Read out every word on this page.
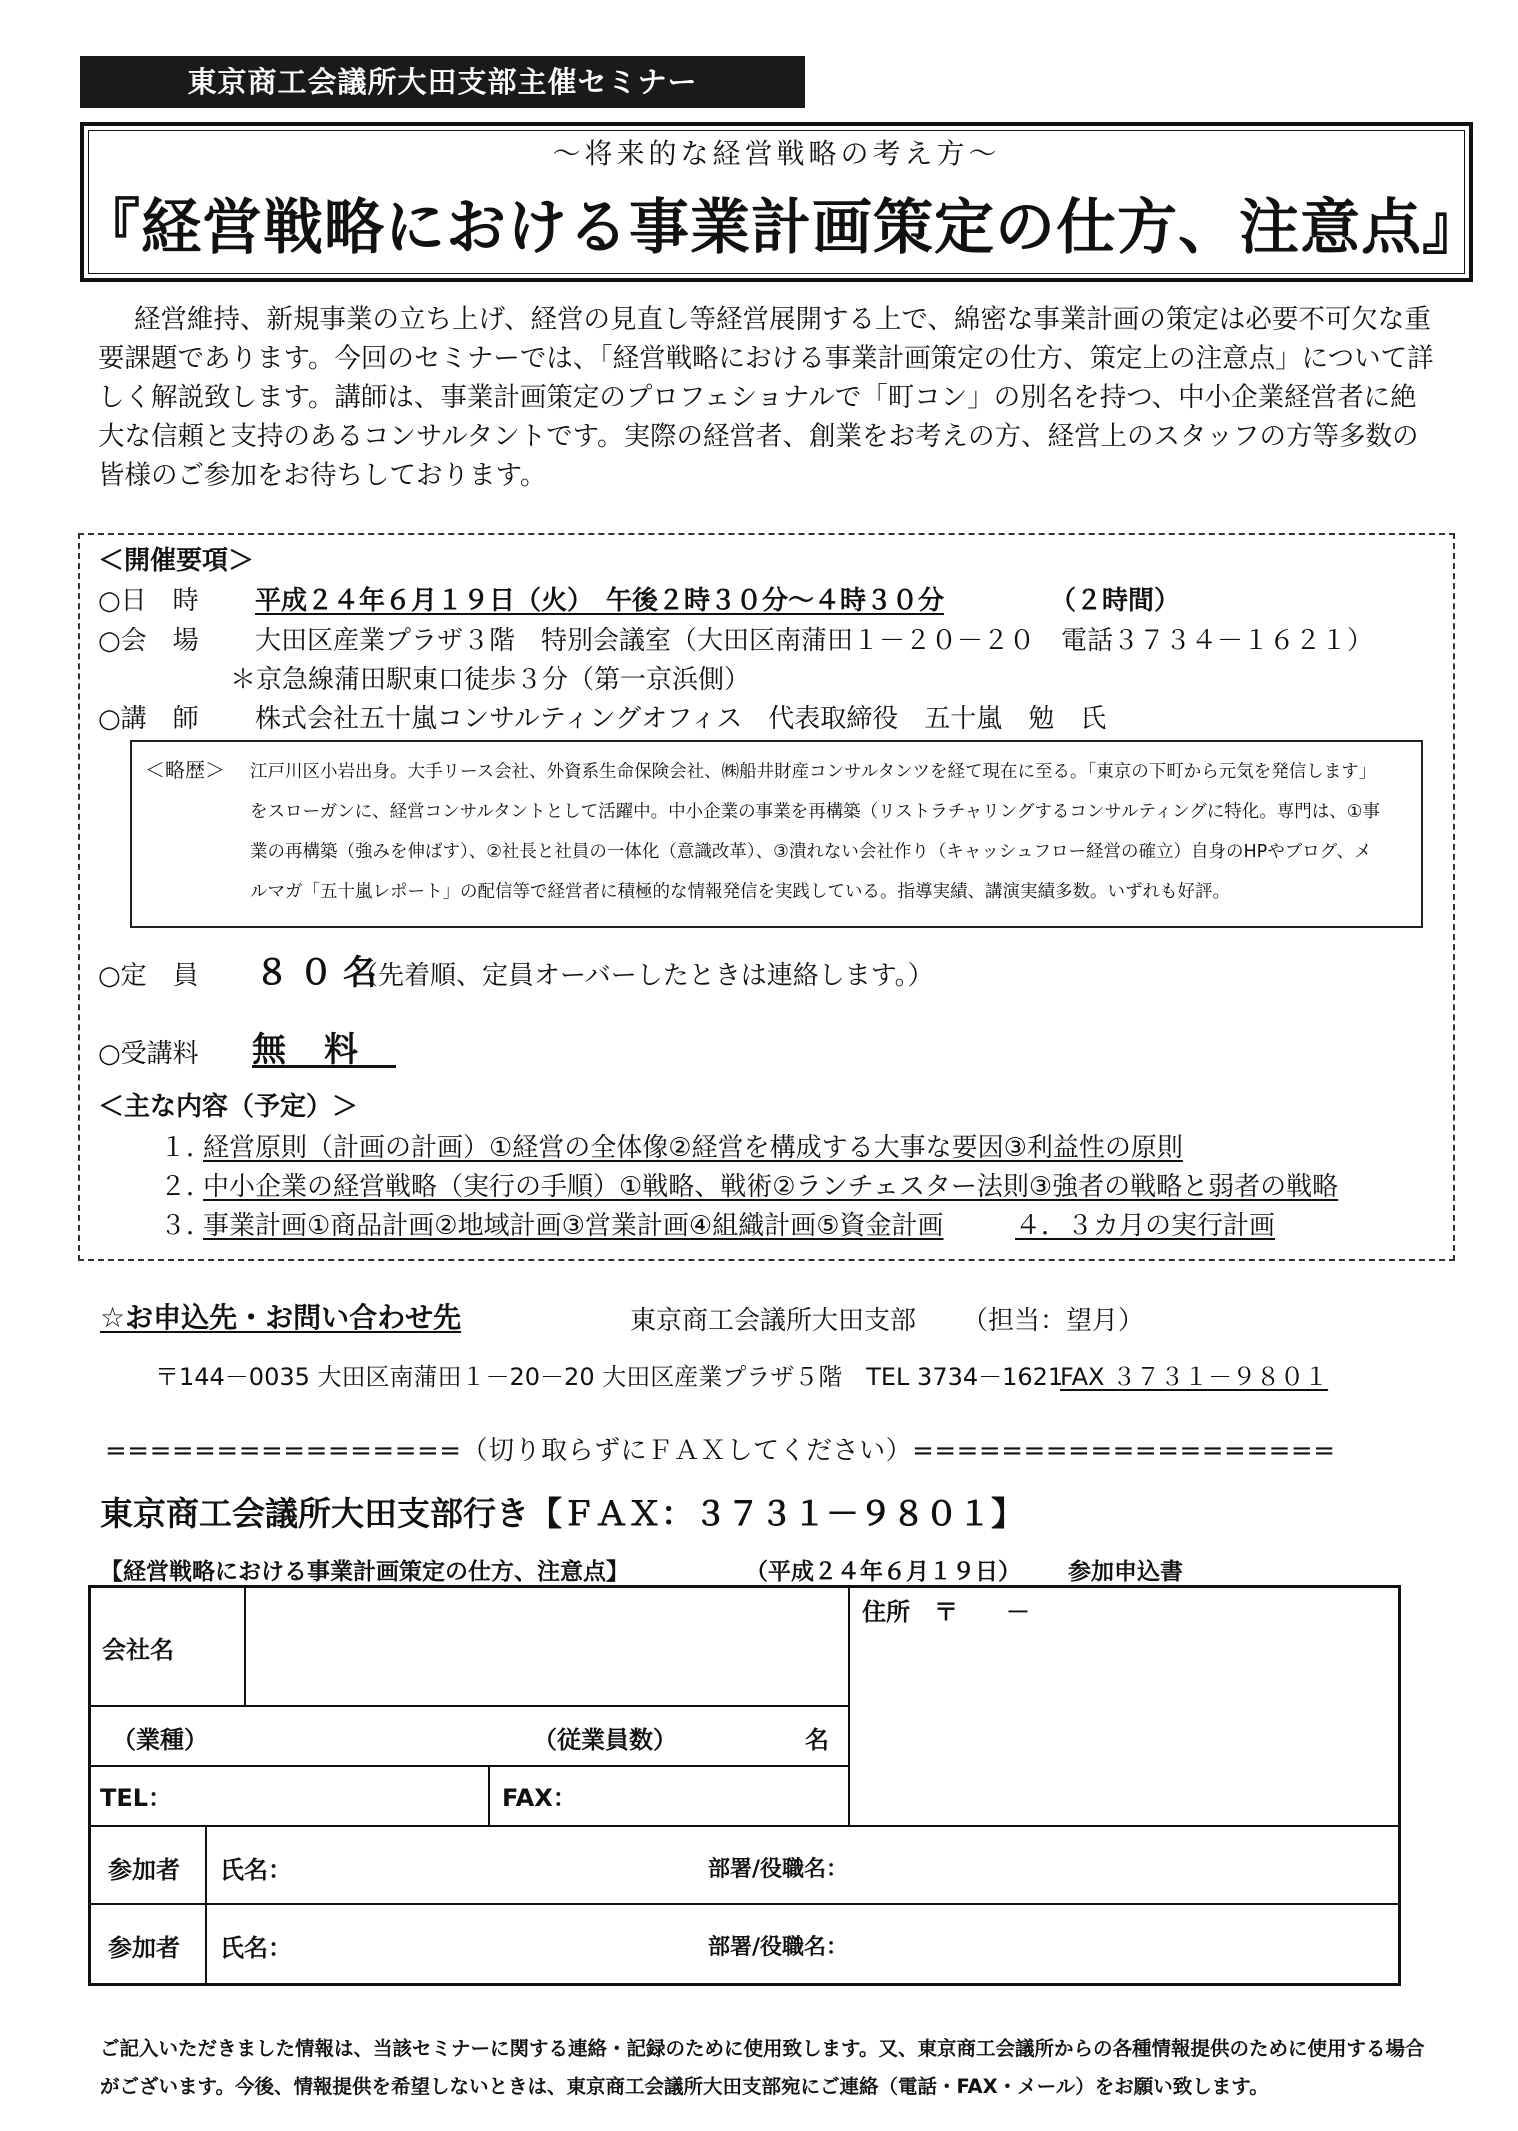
東京商工会議所大田支部主催セミナー
～将来的な経営戦略の考え方～
『経営戦略における事業計画策定の仕方、注意点』
経営維持、新規事業の立ち上げ、経営の見直し等経営展開する上で、綿密な事業計画の策定は必要不可欠な重要課題であります。今回のセミナーでは、「経営戦略における事業計画策定の仕方、策定上の注意点」について詳しく解説致します。講師は、事業計画策定のプロフェショナルで「町コン」の別名を持つ、中小企業経営者に絶大な信頼と支持のあるコンサルタントです。実際の経営者、創業をお考えの方、経営上のスタッフの方等多数の皆様のご参加をお待ちしております。
＜開催要項＞
○日　時 平成２４年６月１９日（火）　午後２時３０分～４時３０分	（２時間）
○会　場 大田区産業プラザ３階　特別会議室（大田区南蒲田１－２０－２０　電話３７３４－１６２１）
＊京急線蒲田駅東口徒歩３分（第一京浜側）
○講　師 株式会社五十嵐コンサルティングオフィス　代表取締役　五十嵐　勉　氏
＜略歴＞ 江戸川区小岩出身。大手リース会社、外資系生命保険会社、㈱船井財産コンサルタンツを経て現在に至る。「東京の下町から元気を発信します」
をスローガンに、経営コンサルタントとして活躍中。中小企業の事業を再構築（リストラチャリングするコンサルティングに特化。専門は、①事
業の再構築（強みを伸ばす）、②社長と社員の一体化（意識改革）、③潰れない会社作り（キャッシュフロー経営の確立）自身のHPやブログ、メ
ルマガ「五十嵐レポート」の配信等で経営者に積極的な情報発信を実践している。指導実績、講演実績多数。いずれも好評。
○定　員 ８０名
（先着順、定員オーバーしたときは連絡します。）
○受講料 無料
＜主な内容（予定）＞
１．
経営原則（計画の計画）①経営の全体像②経営を構成する大事な要因③利益性の原則
２．
中小企業の経営戦略（実行の手順）①戦略、戦術②ランチェスター法則③強者の戦略と弱者の戦略
３．
事業計画①商品計画②地域計画③営業計画④組織計画⑤資金計画	４．３カ月の実行計画
☆お申込先・お問い合わせ先	東京商工会議所大田支部 （担当：望月）
〒144－0035 大田区南蒲田１－20－20 大田区産業プラザ５階　TEL 3734－1621
FAX ３７３１－９８０１
================（切り取らずにＦＡＸしてください）===================
東京商工会議所大田支部行き【ＦＡＸ：３７３１－９８０１】
【経営戦略における事業計画策定の仕方、注意点】	（平成２４年６月１９日） 参加申込書
会社名
住所　〒　　－
（業種）	（従業員数）	名
TEL：	FAX：
参加者 氏名：	部署/役職名：
参加者 氏名：	部署/役職名：
ご記入いただきました情報は、当該セミナーに関する連絡・記録のために使用致します。又、東京商工会議所からの各種情報提供のために使用する場合がございます。今後、情報提供を希望しないときは、東京商工会議所大田支部宛にご連絡（電話・FAX・メール）をお願い致します。
